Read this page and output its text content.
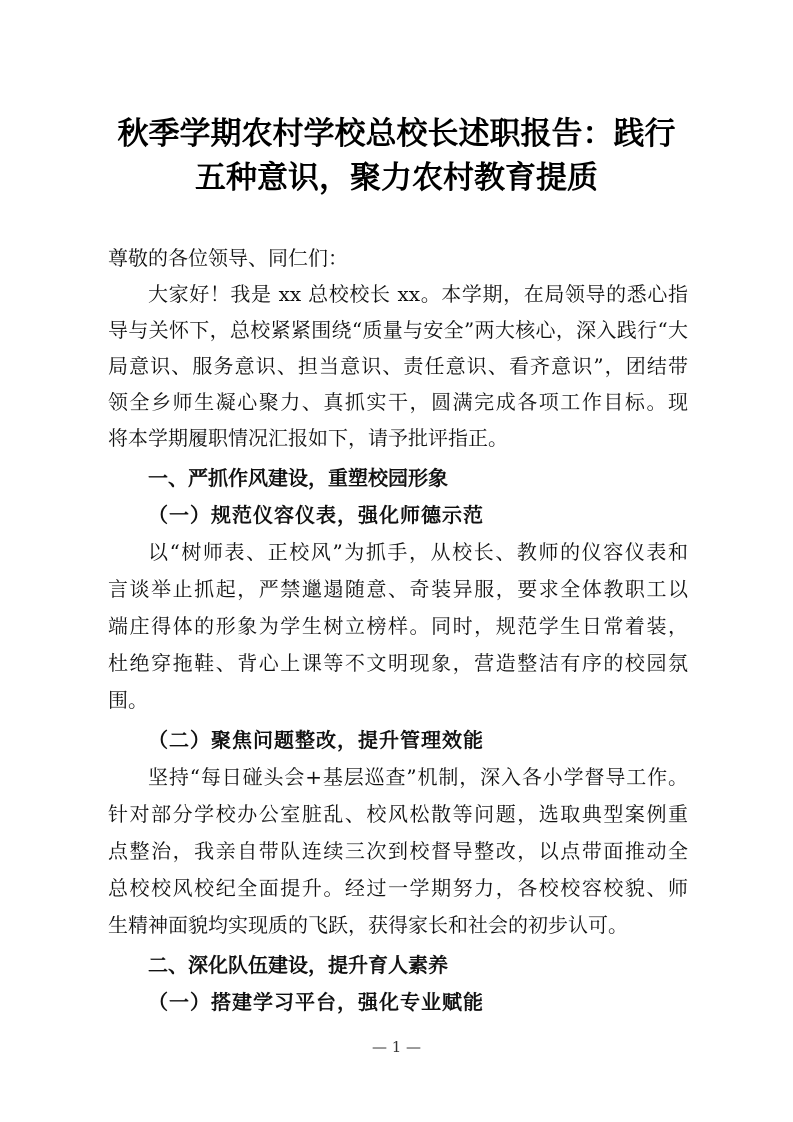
秋季学期农村学校总校长述职报告：践行
五种意识，聚力农村教育提质
尊敬的各位领导、同仁们：
大家好！我是 xx 总校校长 xx。本学期，在局领导的悉心指
导与关怀下，总校紧紧围绕“质量与安全”两大核心，深入践行“大
局意识、服务意识、担当意识、责任意识、看齐意识”，团结带
领全乡师生凝心聚力、真抓实干，圆满完成各项工作目标。现
将本学期履职情况汇报如下，请予批评指正。
一、严抓作风建设，重塑校园形象
（一）规范仪容仪表，强化师德示范
以“树师表、正校风”为抓手，从校长、教师的仪容仪表和
言谈举止抓起，严禁邋遢随意、奇装异服，要求全体教职工以
端庄得体的形象为学生树立榜样。同时，规范学生日常着装，
杜绝穿拖鞋、背心上课等不文明现象，营造整洁有序的校园氛
围。
（二）聚焦问题整改，提升管理效能
坚持“每日碰头会+基层巡查”机制，深入各小学督导工作。
针对部分学校办公室脏乱、校风松散等问题，选取典型案例重
点整治，我亲自带队连续三次到校督导整改，以点带面推动全
总校校风校纪全面提升。经过一学期努力，各校校容校貌、师
生精神面貌均实现质的飞跃，获得家长和社会的初步认可。
二、深化队伍建设，提升育人素养
（一）搭建学习平台，强化专业赋能
— 1 —
